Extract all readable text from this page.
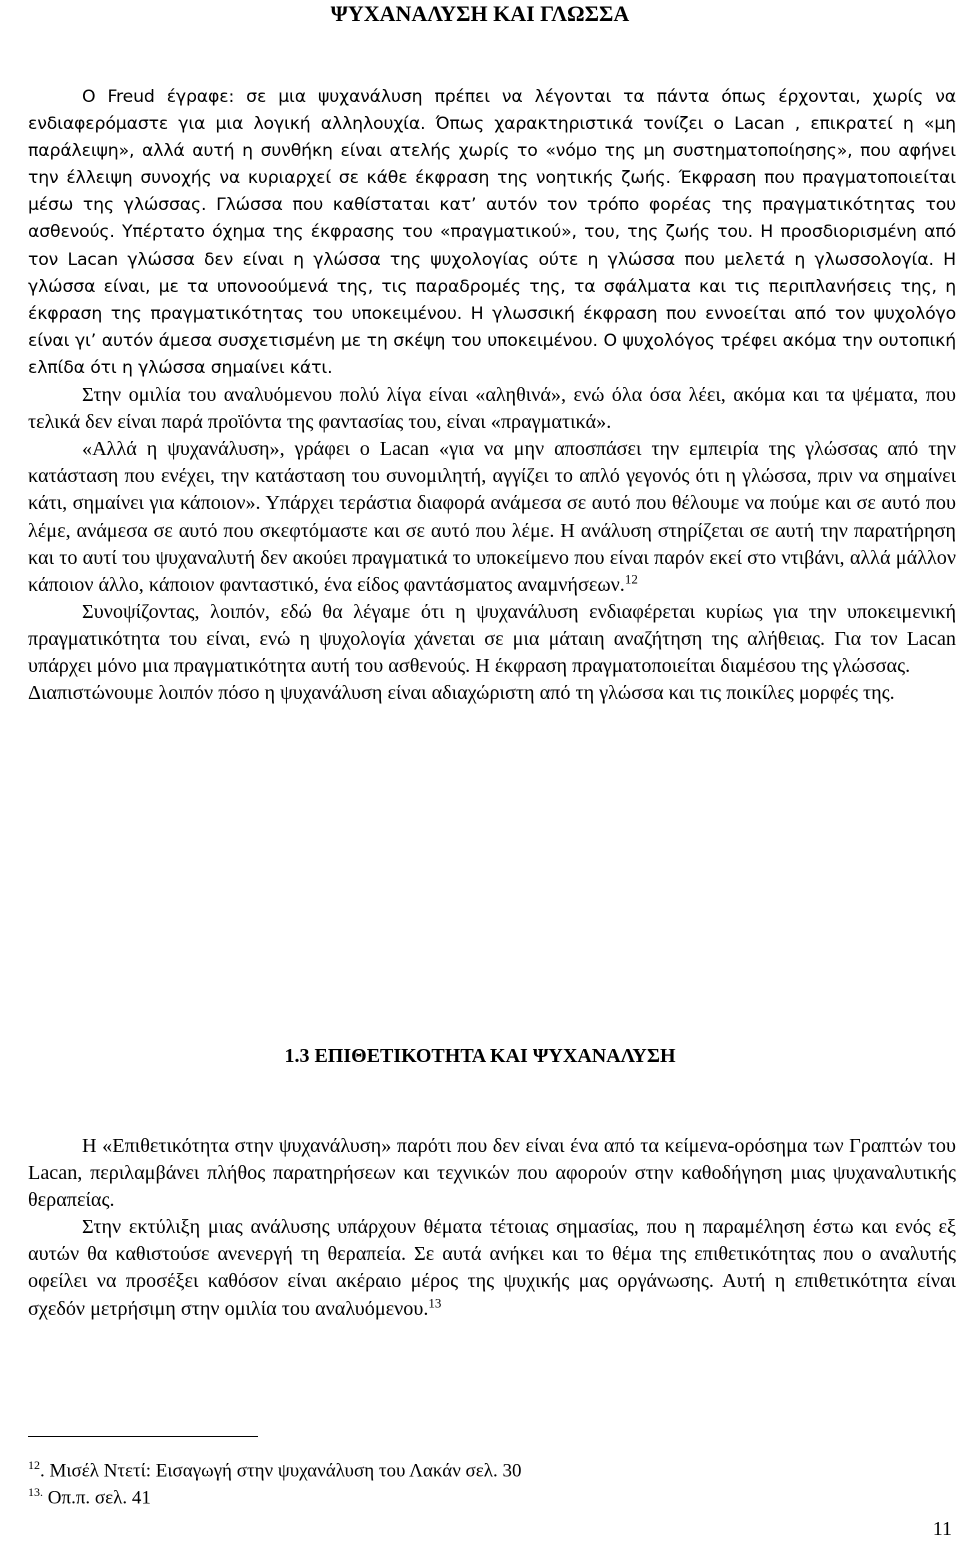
ΨΥΧΑΝΑΛΥΣΗ ΚΑΙ ΓΛΩΣΣΑ

Ο Freud έγραφε: σε μια ψυχανάλυση πρέπει να λέγονται τα πάντα όπως έρχονται, χωρίς να ενδιαφερόμαστε για μια λογική αλληλουχία. Όπως χαρακτηριστικά τονίζει ο Lacan , επικρατεί η «μη παράλειψη», αλλά αυτή η συνθήκη είναι ατελής χωρίς το «νόμο της μη συστηματοποίησης», που αφήνει την έλλειψη συνοχής να κυριαρχεί σε κάθε έκφραση της νοητικής ζωής. Έκφραση που πραγματοποιείται μέσω της γλώσσας. Γλώσσα που καθίσταται κατ’ αυτόν τον τρόπο φορέας της πραγματικότητας του ασθενούς. Υπέρτατο όχημα της έκφρασης του «πραγματικού», του, της ζωής του. Η προσδιορισμένη από τον Lacan γλώσσα δεν είναι η γλώσσα της ψυχολογίας ούτε η γλώσσα που μελετά η γλωσσολογία. Η γλώσσα είναι, με τα υπονοούμενά της, τις παραδρομές της, τα σφάλματα και τις περιπλανήσεις της, η έκφραση της πραγματικότητας του υποκειμένου. Η γλωσσική έκφραση που εννοείται από τον ψυχολόγο είναι γι’ αυτόν άμεσα συσχετισμένη με τη σκέψη του υποκειμένου. Ο ψυχολόγος τρέφει ακόμα την ουτοπική ελπίδα ότι η γλώσσα σημαίνει κάτι.

Στην ομιλία του αναλυόμενου πολύ λίγα είναι «αληθινά», ενώ όλα όσα λέει, ακόμα και τα ψέματα, που τελικά δεν είναι παρά προϊόντα της φαντασίας του, είναι «πραγματικά».

«Αλλά η ψυχανάλυση», γράφει ο Lacan «για να μην αποσπάσει την εμπειρία της γλώσσας από την κατάσταση που ενέχει, την κατάσταση του συνομιλητή, αγγίζει το απλό γεγονός ότι η γλώσσα, πριν να σημαίνει κάτι, σημαίνει για κάποιον». Υπάρχει τεράστια διαφορά ανάμεσα σε αυτό που θέλουμε να πούμε και σε αυτό που λέμε, ανάμεσα σε αυτό που σκεφτόμαστε και σε αυτό που λέμε. Η ανάλυση στηρίζεται σε αυτή την παρατήρηση και το αυτί του ψυχαναλυτή δεν ακούει πραγματικά το υποκείμενο που είναι παρόν εκεί στο ντιβάνι, αλλά μάλλον κάποιον άλλο, κάποιον φανταστικό, ένα είδος φαντάσματος αναμνήσεων.$^{12}$

Συνοψίζοντας, λοιπόν, εδώ θα λέγαμε ότι η ψυχανάλυση ενδιαφέρεται κυρίως για την υποκειμενική πραγματικότητα του είναι, ενώ η ψυχολογία χάνεται σε μια μάταιη αναζήτηση της αλήθειας. Για τον Lacan υπάρχει μόνο μια πραγματικότητα αυτή του ασθενούς. Η έκφραση πραγματοποιείται διαμέσου της γλώσσας.

Διαπιστώνουμε λοιπόν πόσο η ψυχανάλυση είναι αδιαχώριστη από τη γλώσσα και τις ποικίλες μορφές της.

1.3 ΕΠΙΘΕΤΙΚΟΤΗΤΑ ΚΑΙ ΨΥΧΑΝΑΛΥΣΗ

Η «Επιθετικότητα στην ψυχανάλυση» παρότι που δεν είναι ένα από τα κείμενα-ορόσημα των Γραπτών του Lacan, περιλαμβάνει πλήθος παρατηρήσεων και τεχνικών που αφορούν στην καθοδήγηση μιας ψυχαναλυτικής θεραπείας.

Στην εκτύλιξη μιας ανάλυσης υπάρχουν θέματα τέτοιας σημασίας, που η παραμέληση έστω και ενός εξ αυτών θα καθιστούσε ανενεργή τη θεραπεία. Σε αυτά ανήκει και το θέμα της επιθετικότητας που ο αναλυτής οφείλει να προσέξει καθόσον είναι ακέραιο μέρος της ψυχικής μας οργάνωσης. Αυτή η επιθετικότητα είναι σχεδόν μετρήσιμη στην ομιλία του αναλυόμενου.$^{13}$

$^{12}$. Μισέλ Ντετί: Εισαγωγή στην ψυχανάλυση του Λακάν σελ. 30
$^{13.}$ Οπ.π. σελ. 41
11
